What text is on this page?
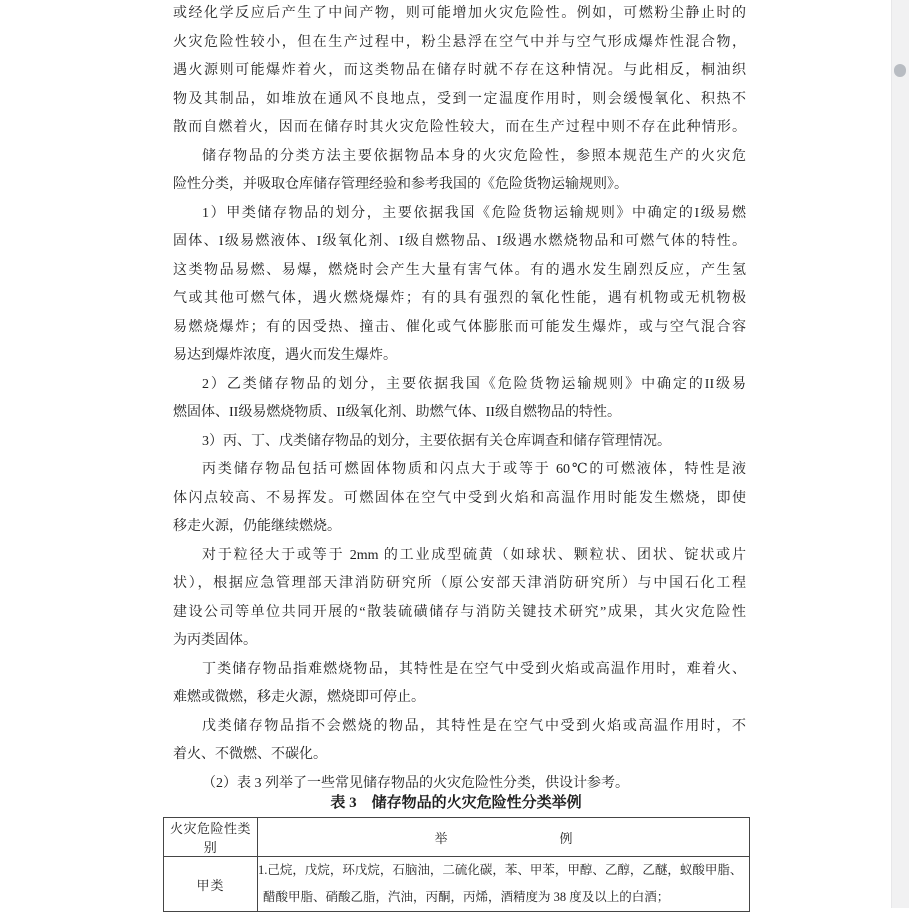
或经化学反应后产生了中间产物，则可能增加火灾危险性。例如，可燃粉尘静止时的
火灾危险性较小，但在生产过程中，粉尘悬浮在空气中并与空气形成爆炸性混合物，
遇火源则可能爆炸着火，而这类物品在储存时就不存在这种情况。与此相反，桐油织
物及其制品，如堆放在通风不良地点，受到一定温度作用时，则会缓慢氧化、积热不
散而自燃着火，因而在储存时其火灾危险性较大，而在生产过程中则不存在此种情形。
储存物品的分类方法主要依据物品本身的火灾危险性，参照本规范生产的火灾危
险性分类，并吸取仓库储存管理经验和参考我国的《危险货物运输规则》。
1）甲类储存物品的划分，主要依据我国《危险货物运输规则》中确定的I级易燃
固体、I级易燃液体、I级氧化剂、I级自燃物品、I级遇水燃烧物品和可燃气体的特性。
这类物品易燃、易爆，燃烧时会产生大量有害气体。有的遇水发生剧烈反应，产生氢
气或其他可燃气体，遇火燃烧爆炸；有的具有强烈的氧化性能，遇有机物或无机物极
易燃烧爆炸；有的因受热、撞击、催化或气体膨胀而可能发生爆炸，或与空气混合容
易达到爆炸浓度，遇火而发生爆炸。
2）乙类储存物品的划分，主要依据我国《危险货物运输规则》中确定的II级易
燃固体、II级易燃烧物质、II级氧化剂、助燃气体、II级自燃物品的特性。
3）丙、丁、戊类储存物品的划分，主要依据有关仓库调查和储存管理情况。
丙类储存物品包括可燃固体物质和闪点大于或等于 60℃的可燃液体，特性是液
体闪点较高、不易挥发。可燃固体在空气中受到火焰和高温作用时能发生燃烧，即使
移走火源，仍能继续燃烧。
对于粒径大于或等于 2mm 的工业成型硫黄（如球状、颗粒状、团状、锭状或片
状），根据应急管理部天津消防研究所（原公安部天津消防研究所）与中国石化工程
建设公司等单位共同开展的“散装硫磺储存与消防关键技术研究”成果，其火灾危险性
为丙类固体。
丁类储存物品指难燃烧物品，其特性是在空气中受到火焰或高温作用时，难着火、
难燃或微燃，移走火源，燃烧即可停止。
戊类储存物品指不会燃烧的物品，其特性是在空气中受到火焰或高温作用时，不
着火、不微燃、不碳化。
（2）表 3 列举了一些常见储存物品的火灾危险性分类，供设计参考。
表 3　储存物品的火灾危险性分类举例
火灾危险性类别	举 例

甲类	1.己烷，戊烷，环戊烷，石脑油，二硫化碳，苯、甲苯，甲醇、乙醇，乙醚，蚁酸甲脂、
醋酸甲脂、硝酸乙脂，汽油，丙酮，丙烯，酒精度为 38 度及以上的白酒；
